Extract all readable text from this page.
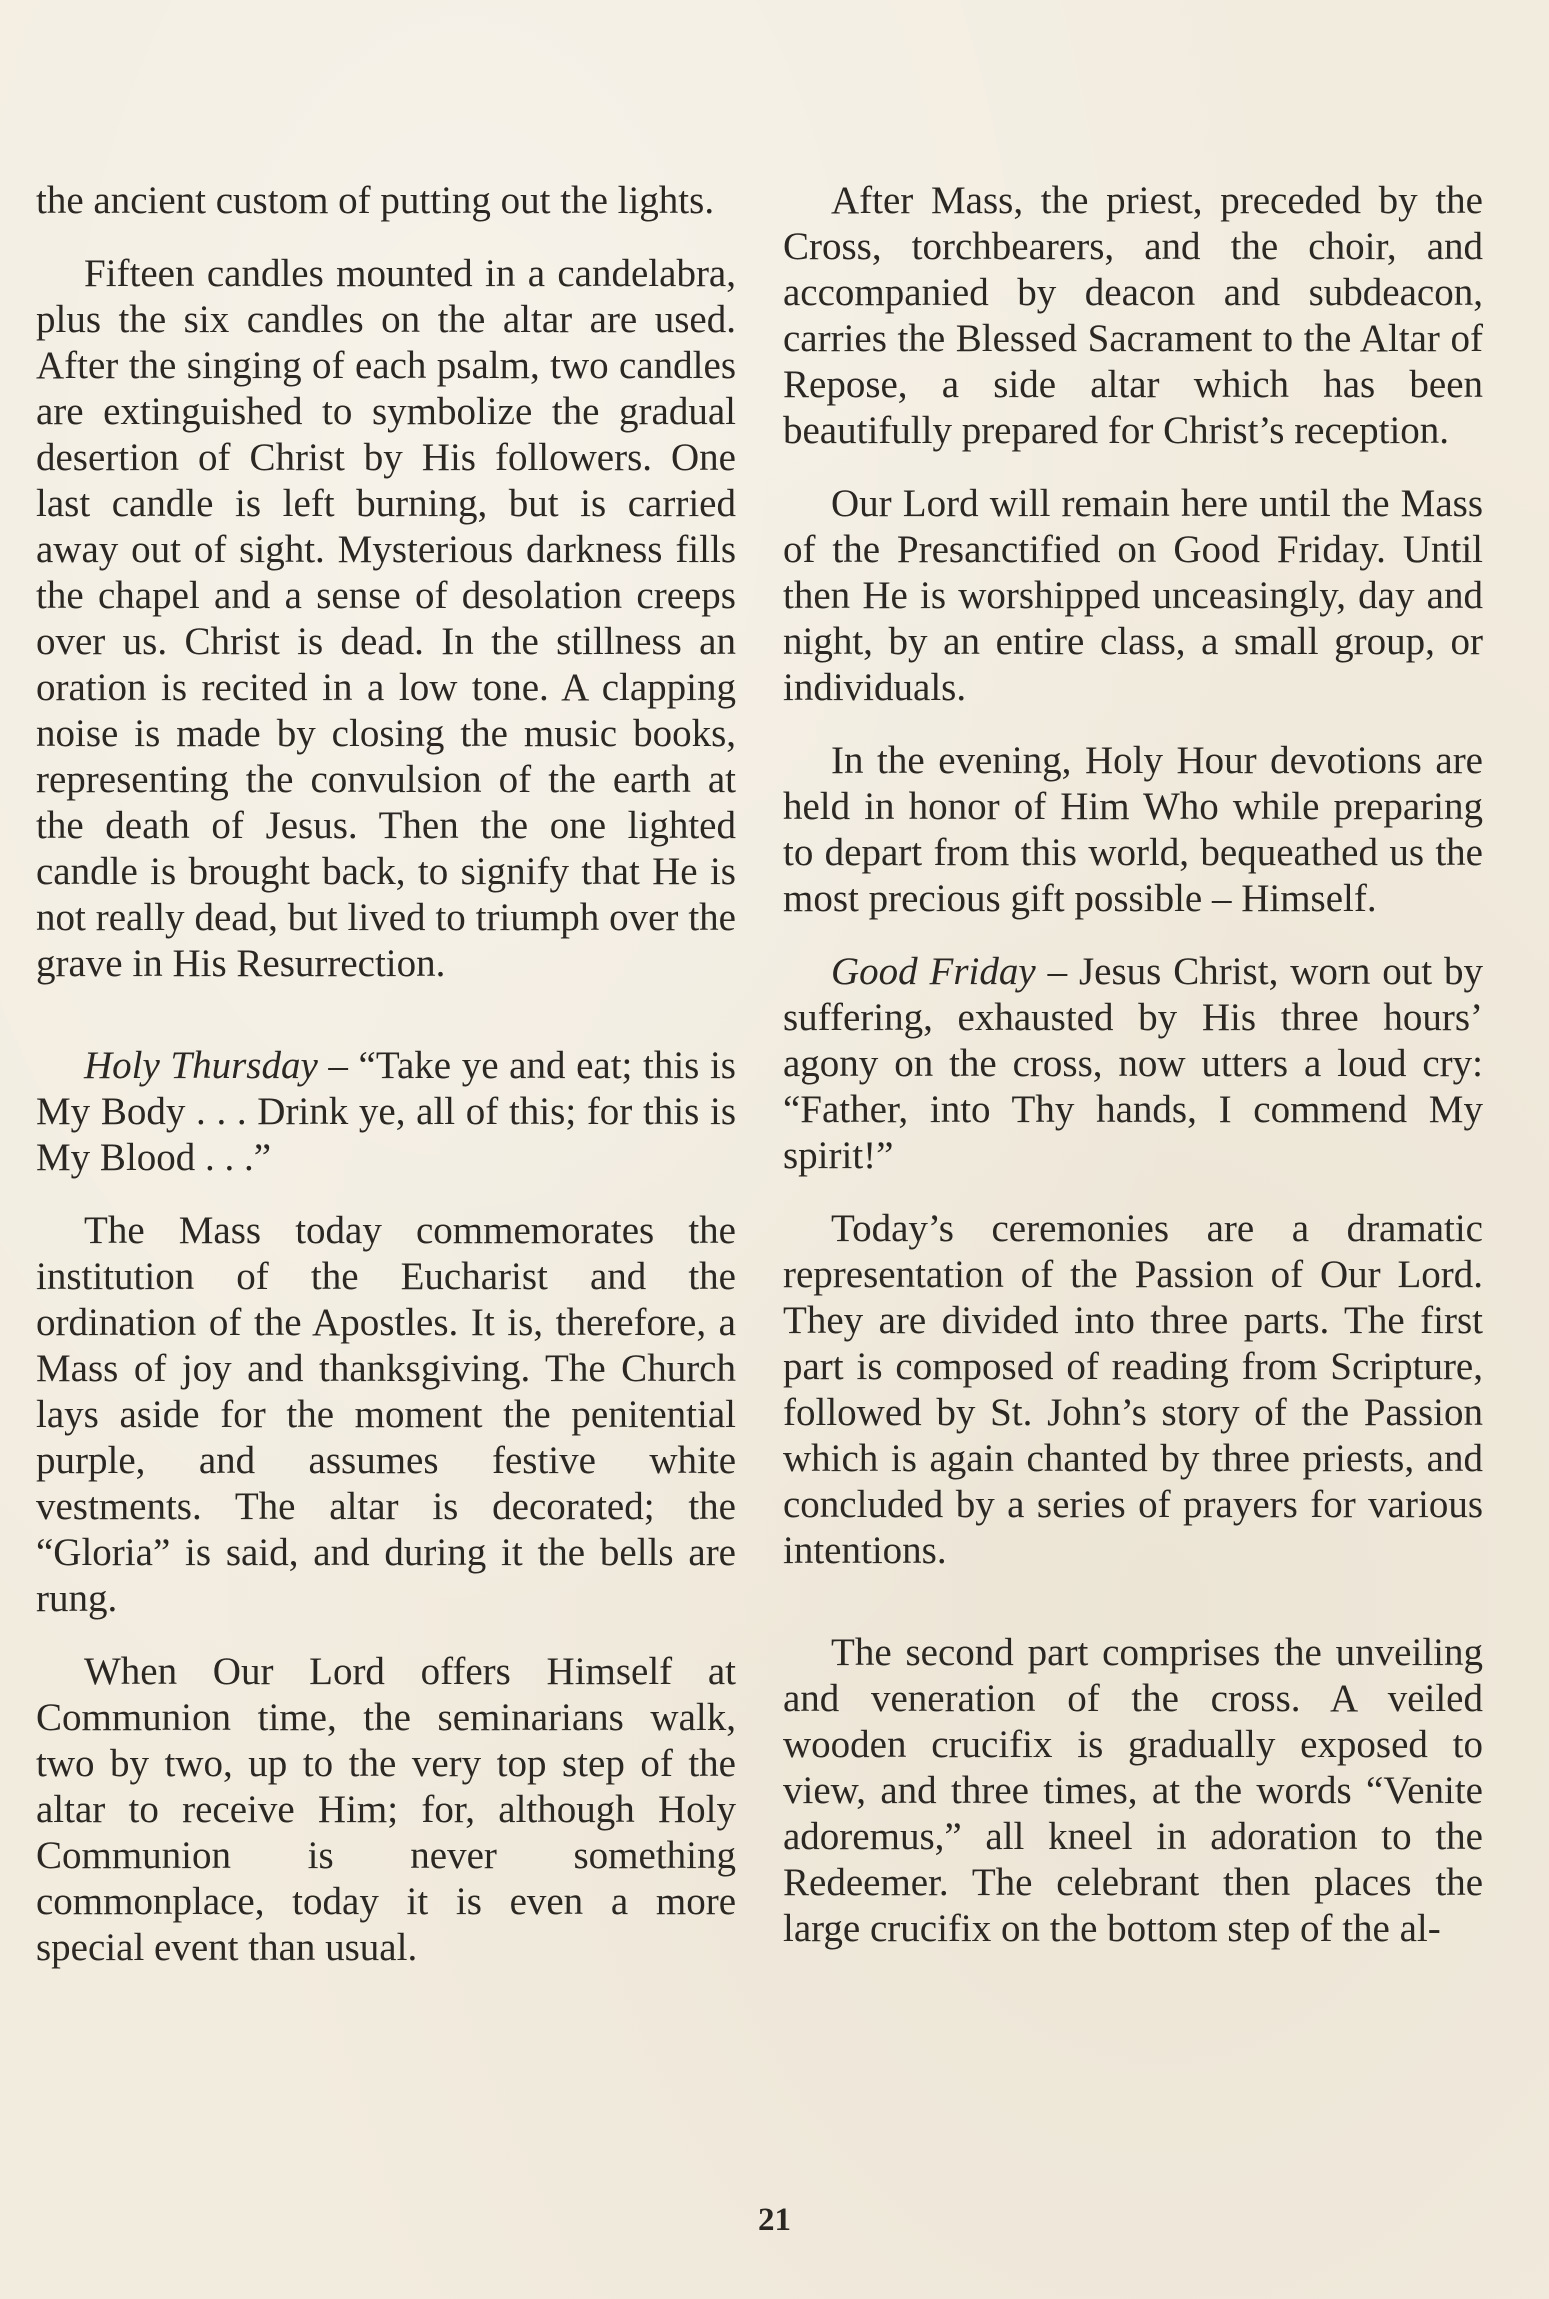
the ancient custom of putting out the lights.

Fifteen candles mounted in a candelabra, plus the six candles on the altar are used. After the singing of each psalm, two candles are extinguished to symbolize the gradual desertion of Christ by His followers. One last candle is left burning, but is carried away out of sight. Mysterious darkness fills the chapel and a sense of desolation creeps over us. Christ is dead. In the stillness an oration is recited in a low tone. A clapping noise is made by closing the music books, representing the convulsion of the earth at the death of Jesus. Then the one lighted candle is brought back, to signify that He is not really dead, but lived to triumph over the grave in His Resurrection.

Holy Thursday – “Take ye and eat; this is My Body . . . Drink ye, all of this; for this is My Blood . . .”

The Mass today commemorates the institution of the Eucharist and the ordination of the Apostles. It is, therefore, a Mass of joy and thanksgiving. The Church lays aside for the moment the penitential purple, and assumes festive white vestments. The altar is decorated; the “Gloria” is said, and during it the bells are rung.

When Our Lord offers Himself at Communion time, the seminarians walk, two by two, up to the very top step of the altar to receive Him; for, although Holy Communion is never something commonplace, today it is even a more special event than usual.

After Mass, the priest, preceded by the Cross, torchbearers, and the choir, and accompanied by deacon and subdeacon, carries the Blessed Sacrament to the Altar of Repose, a side altar which has been beautifully prepared for Christ’s reception.

Our Lord will remain here until the Mass of the Presanctified on Good Friday. Until then He is worshipped unceasingly, day and night, by an entire class, a small group, or individuals.

In the evening, Holy Hour devotions are held in honor of Him Who while preparing to depart from this world, bequeathed us the most precious gift possible – Himself.

Good Friday – Jesus Christ, worn out by suffering, exhausted by His three hours’ agony on the cross, now utters a loud cry: “Father, into Thy hands, I commend My spirit!”

Today’s ceremonies are a dramatic representation of the Passion of Our Lord. They are divided into three parts. The first part is composed of reading from Scripture, followed by St. John’s story of the Passion which is again chanted by three priests, and concluded by a series of prayers for various intentions.

The second part comprises the unveiling and veneration of the cross. A veiled wooden crucifix is gradually exposed to view, and three times, at the words “Venite adoremus,” all kneel in adoration to the Redeemer. The celebrant then places the large crucifix on the bottom step of the al-

21
